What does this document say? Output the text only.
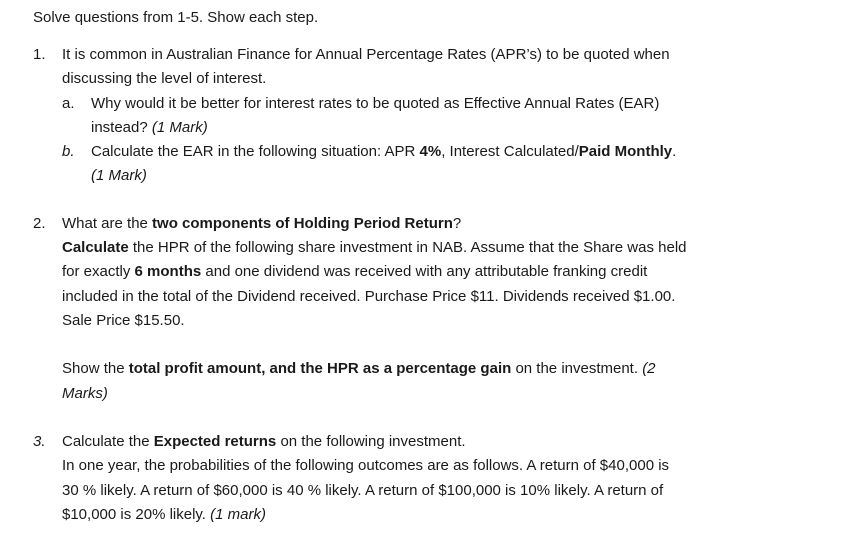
Solve questions from 1-5. Show each step.
1. It is common in Australian Finance for Annual Percentage Rates (APR’s) to be quoted when
discussing the level of interest.
a. Why would it be better for interest rates to be quoted as Effective Annual Rates (EAR)
instead? (1 Mark)
b. Calculate the EAR in the following situation: APR 4%, Interest Calculated/Paid Monthly.
(1 Mark)
2. What are the two components of Holding Period Return?
Calculate the HPR of the following share investment in NAB. Assume that the Share was held
for exactly 6 months and one dividend was received with any attributable franking credit
included in the total of the Dividend received. Purchase Price $11. Dividends received $1.00.
Sale Price $15.50.
Show the total profit amount, and the HPR as a percentage gain on the investment. (2
Marks)
3. Calculate the Expected returns on the following investment.
In one year, the probabilities of the following outcomes are as follows. A return of $40,000 is
30 % likely. A return of $60,000 is 40 % likely. A return of $100,000 is 10% likely. A return of
$10,000 is 20% likely. (1 mark)
